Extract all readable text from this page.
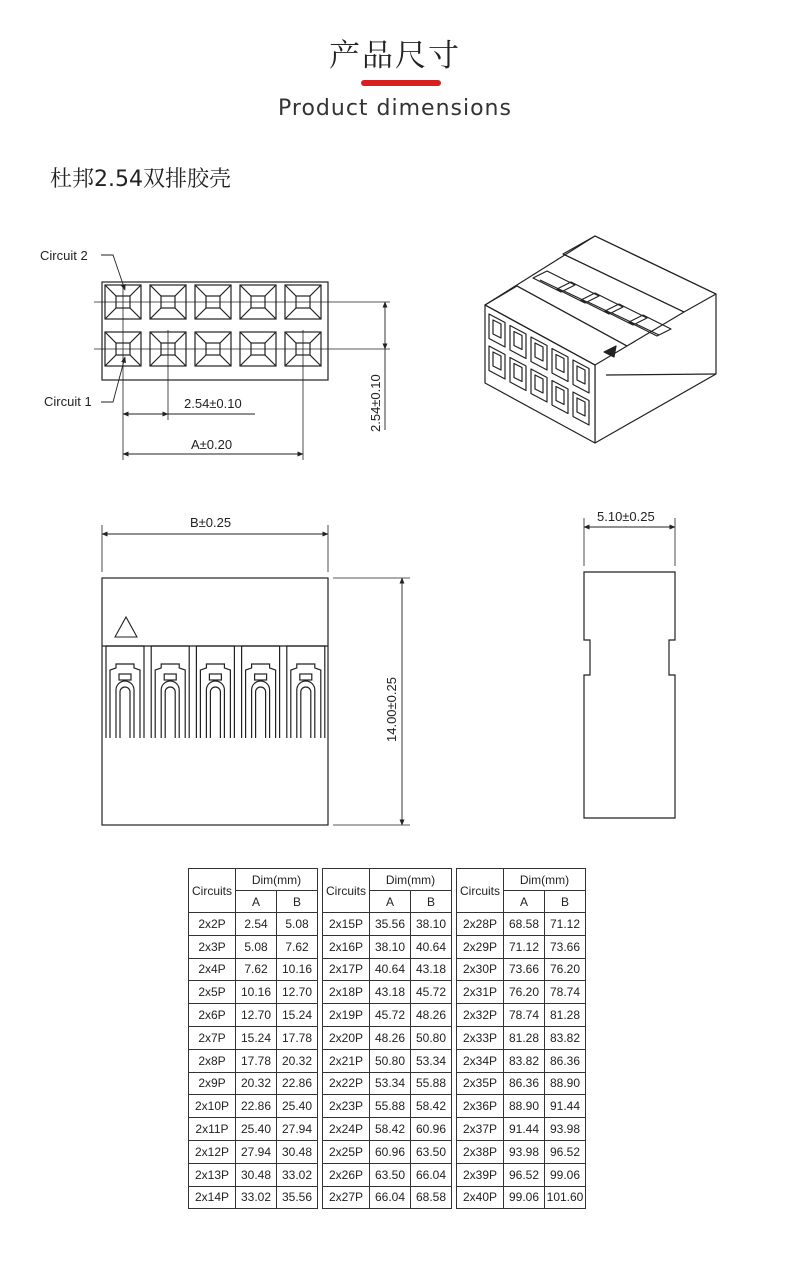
产品尺寸
Product dimensions
杜邦2.54双排胶壳
Circuit 2
Circuit 1	2.54±0.10
A±0.20
2.54±0.10
B±0.25
14.00±0.25
5.10±0.25
Circuits	Dim(mm)	
	A	B
2x2P	2.54	5.08
2x3P	5.08	7.62
2x4P	7.62	10.16
2x5P	10.16	12.70
2x6P	12.70	15.24
2x7P	15.24	17.78
2x8P	17.78	20.32
2x9P	20.32	22.86
2x10P	22.86	25.40
2x11P	25.40	27.94
2x12P	27.94	30.48
2x13P	30.48	33.02
2x14P	33.02	35.56
Circuits	Dim(mm)	
	A	B
2x15P	35.56	38.10
2x16P	38.10	40.64
2x17P	40.64	43.18
2x18P	43.18	45.72
2x19P	45.72	48.26
2x20P	48.26	50.80
2x21P	50.80	53.34
2x22P	53.34	55.88
2x23P	55.88	58.42
2x24P	58.42	60.96
2x25P	60.96	63.50
2x26P	63.50	66.04
2x27P	66.04	68.58
Circuits	Dim(mm)	
	A	B
2x28P	68.58	71.12
2x29P	71.12	73.66
2x30P	73.66	76.20
2x31P	76.20	78.74
2x32P	78.74	81.28
2x33P	81.28	83.82
2x34P	83.82	86.36
2x35P	86.36	88.90
2x36P	88.90	91.44
2x37P	91.44	93.98
2x38P	93.98	96.52
2x39P	96.52	99.06
2x40P	99.06	101.60
